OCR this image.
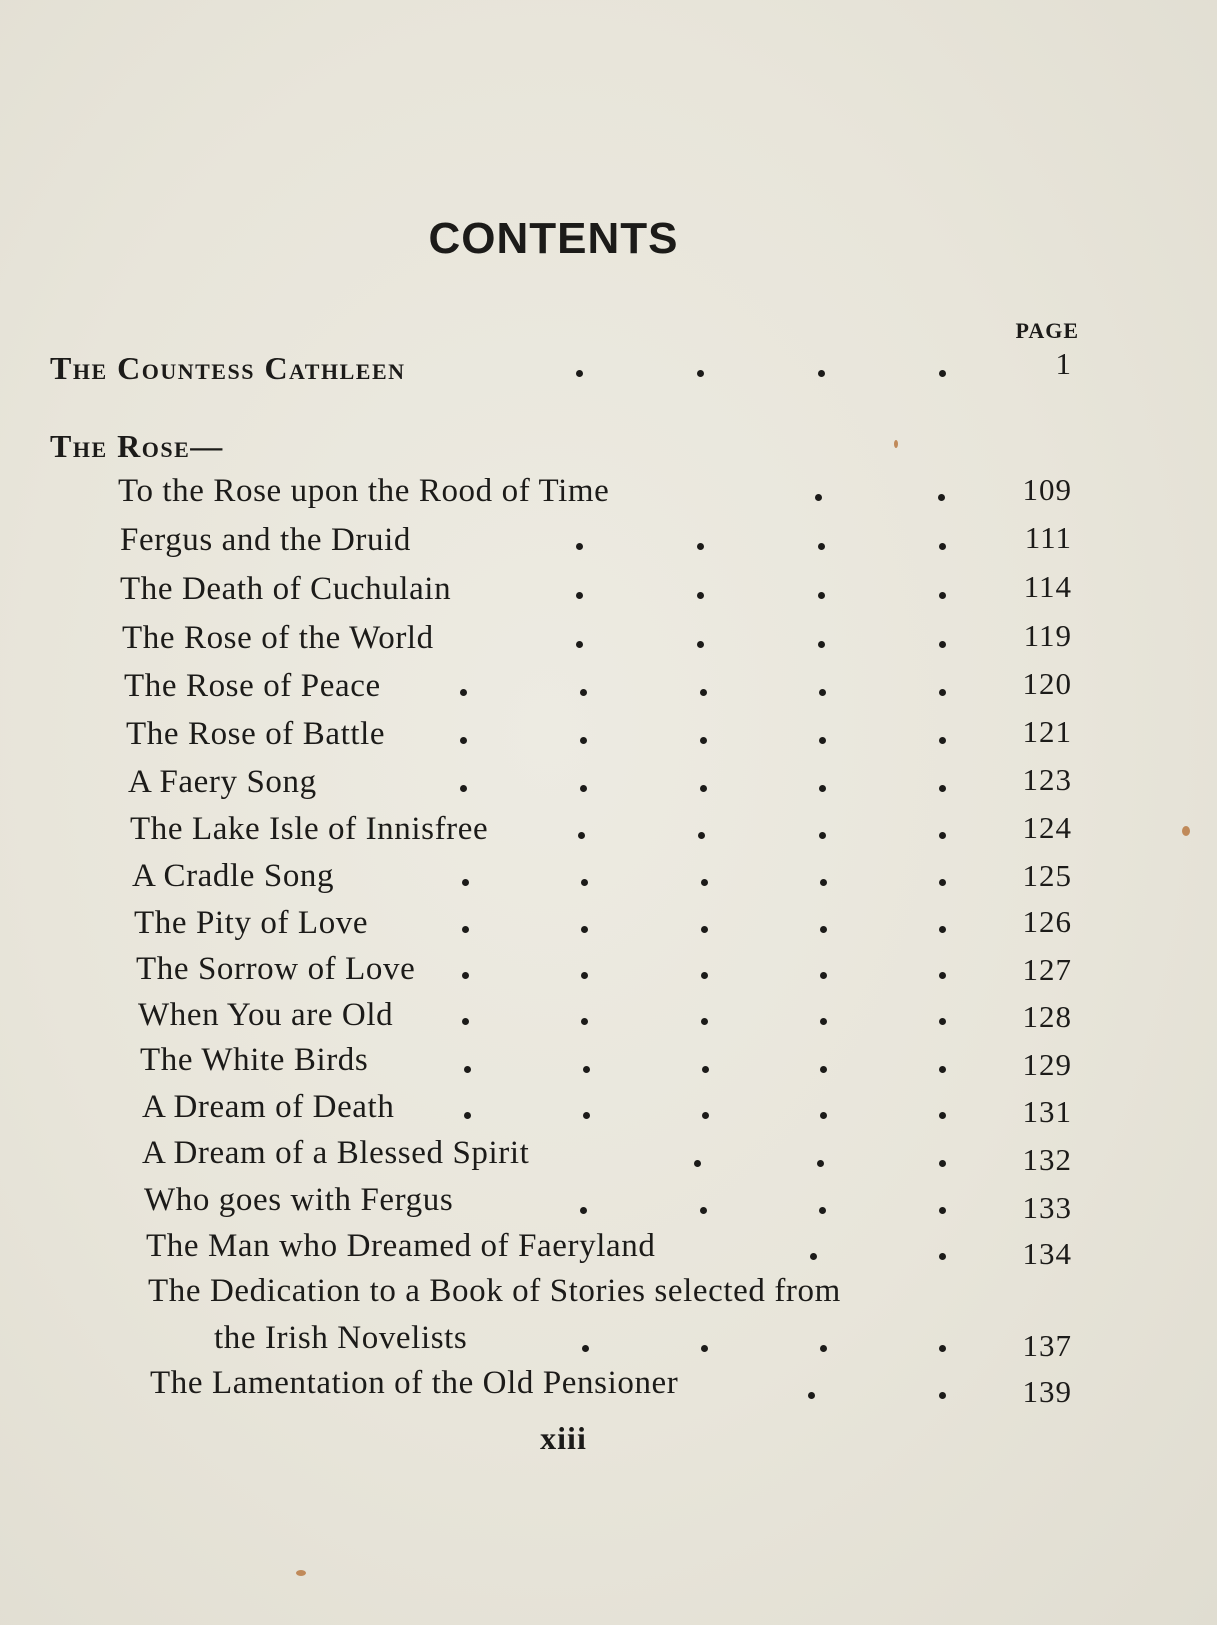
CONTENTS
PAGE
The Countess Cathleen	1
The Rose—
To the Rose upon the Rood of Time	109
Fergus and the Druid	111
The Death of Cuchulain	114
The Rose of the World	119
The Rose of Peace	120
The Rose of Battle	121
A Faery Song	123
The Lake Isle of Innisfree	124
A Cradle Song	125
The Pity of Love	126
The Sorrow of Love	127
When You are Old	128
The White Birds	129
A Dream of Death	131
A Dream of a Blessed Spirit	132
Who goes with Fergus	133
The Man who Dreamed of Faeryland	134
The Dedication to a Book of Stories selected from
the Irish Novelists	137
The Lamentation of the Old Pensioner	139
xiii
